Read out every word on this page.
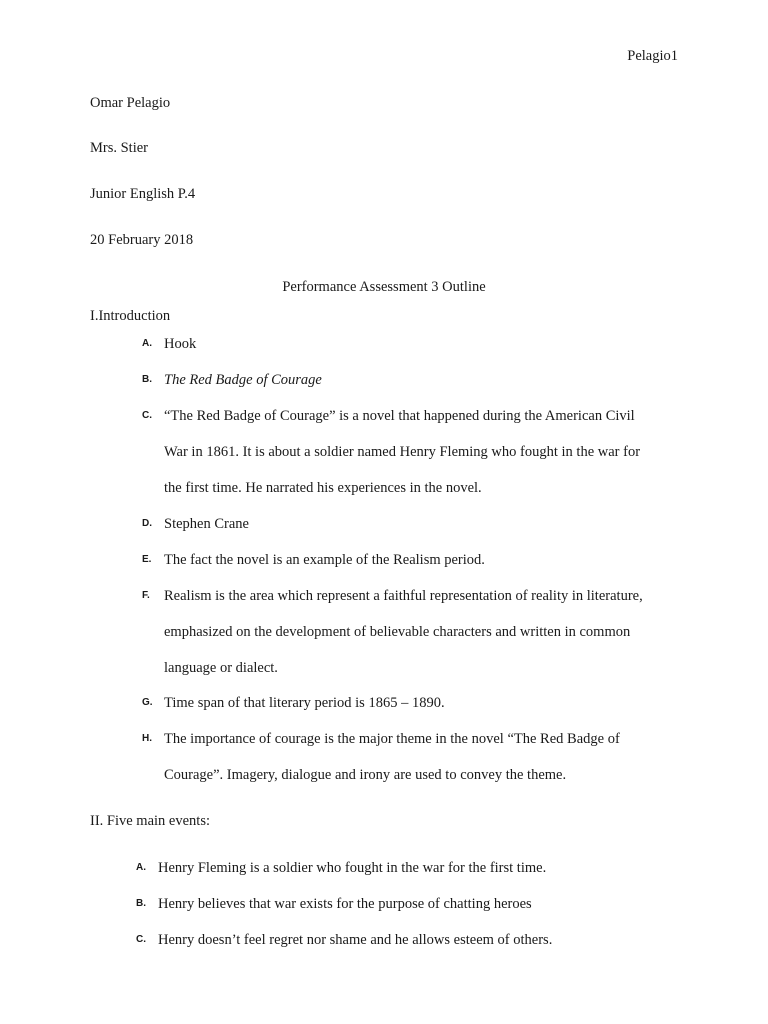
Pelagio1
Omar Pelagio
Mrs. Stier
Junior English P.4
20 February 2018
Performance Assessment 3 Outline
I.Introduction
A. Hook
B. The Red Badge of Courage
C. “The Red Badge of Courage” is a novel that happened during the American Civil
War in 1861. It is about a soldier named Henry Fleming who fought in the war for
the first time. He narrated his experiences in the novel.
D. Stephen Crane
E. The fact the novel is an example of the Realism period.
F. Realism is the area which represent a faithful representation of reality in literature,
emphasized on the development of believable characters and written in common
language or dialect.
G. Time span of that literary period is 1865 – 1890.
H. The importance of courage is the major theme in the novel “The Red Badge of
Courage”. Imagery, dialogue and irony are used to convey the theme.
II. Five main events:
A. Henry Fleming is a soldier who fought in the war for the first time.
B. Henry believes that war exists for the purpose of chatting heroes
C. Henry doesn’t feel regret nor shame and he allows esteem of others.
